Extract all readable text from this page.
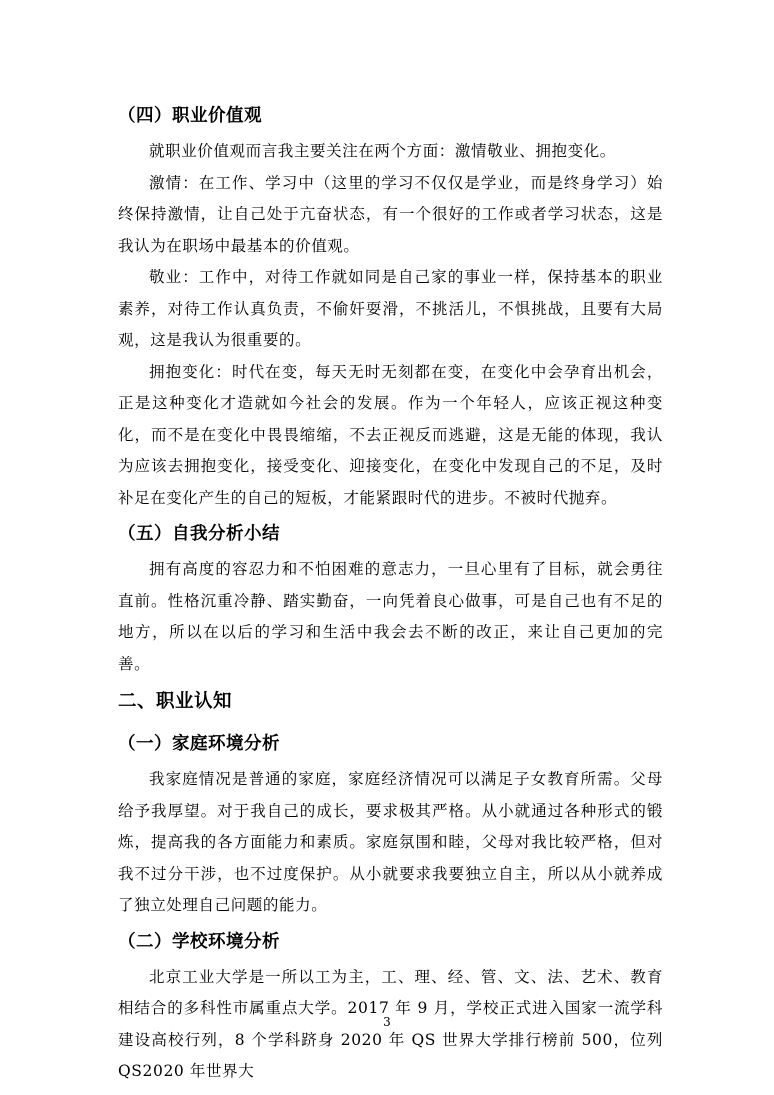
（四）职业价值观

就职业价值观而言我主要关注在两个方面：激情敬业、拥抱变化。

激情：在工作、学习中（这里的学习不仅仅是学业，而是终身学习）始终保持激情，让自己处于亢奋状态，有一个很好的工作或者学习状态，这是我认为在职场中最基本的价值观。

敬业：工作中，对待工作就如同是自己家的事业一样，保持基本的职业素养，对待工作认真负责，不偷奸耍滑，不挑活儿，不惧挑战，且要有大局观，这是我认为很重要的。

拥抱变化：时代在变，每天无时无刻都在变，在变化中会孕育出机会，正是这种变化才造就如今社会的发展。作为一个年轻人，应该正视这种变化，而不是在变化中畏畏缩缩，不去正视反而逃避，这是无能的体现，我认为应该去拥抱变化，接受变化、迎接变化，在变化中发现自己的不足，及时补足在变化产生的自己的短板，才能紧跟时代的进步。不被时代抛弃。

（五）自我分析小结

拥有高度的容忍力和不怕困难的意志力，一旦心里有了目标，就会勇往直前。性格沉重冷静、踏实勤奋，一向凭着良心做事，可是自己也有不足的地方，所以在以后的学习和生活中我会去不断的改正，来让自己更加的完善。

二、职业认知
（一）家庭环境分析

我家庭情况是普通的家庭，家庭经济情况可以满足子女教育所需。父母给予我厚望。对于我自己的成长，要求极其严格。从小就通过各种形式的锻炼，提高我的各方面能力和素质。家庭氛围和睦，父母对我比较严格，但对我不过分干涉，也不过度保护。从小就要求我要独立自主，所以从小就养成了独立处理自己问题的能力。

（二）学校环境分析

北京工业大学是一所以工为主，工、理、经、管、文、法、艺术、教育相结合的多科性市属重点大学。2017 年 9 月，学校正式进入国家一流学科建设高校行列，8 个学科跻身 2020 年 QS 世界大学排行榜前 500，位列 QS2020 年世界大

3
